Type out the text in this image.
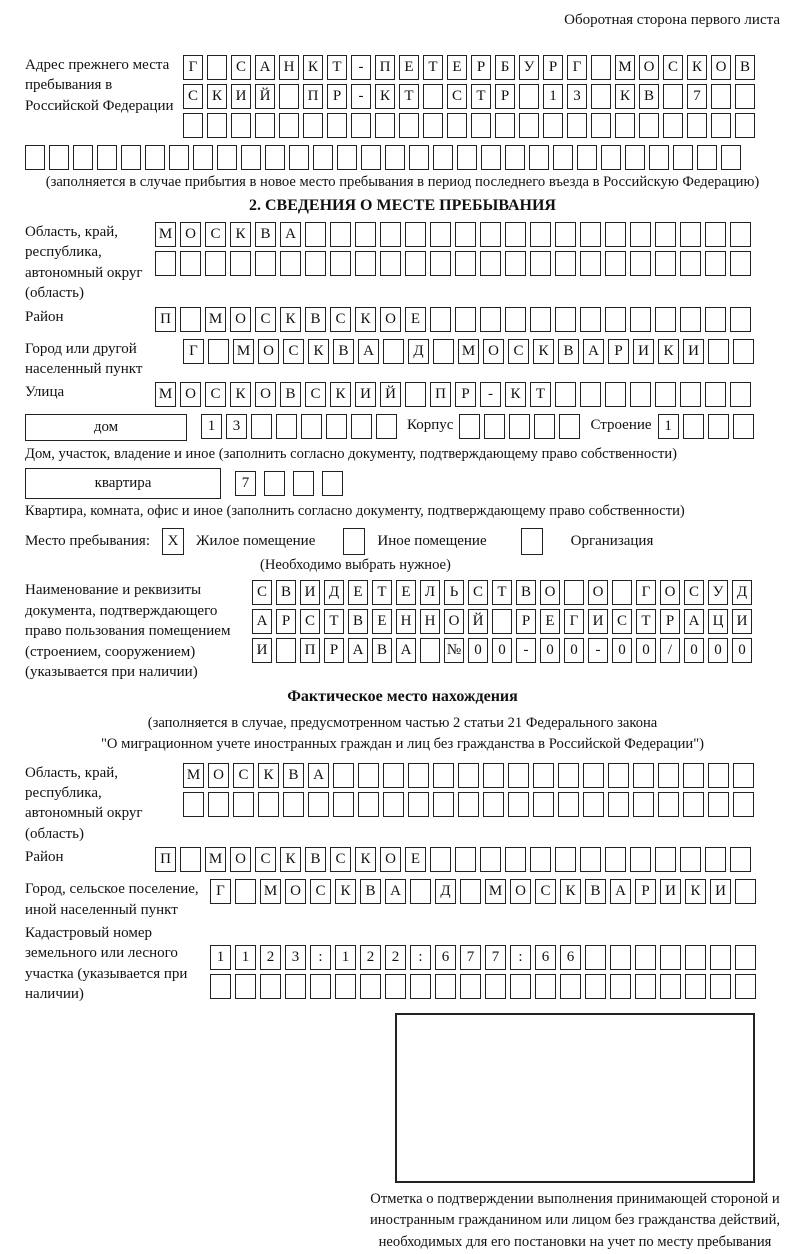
Оборотная сторона первого листа
Адрес прежнего места пребывания в Российской Федерации
Г	С А Н К Т	-	П Е Т Е	Р	Б У Р	Г	М О С К О В
С К И Й	П Р	-	К Т	С Т	Р	1	3	К В	7
(заполняется в случае прибытия в новое место пребывания в период последнего въезда в Российскую Федерацию)
2. СВЕДЕНИЯ О МЕСТЕ ПРЕБЫВАНИЯ
Область, край, республика, автономный округ (область)
М О С К В А
Район	П	М О С К В С К О Е
Город или другой населенный пункт
Г	М О С К В А	Д	М О С К В А	Р	И К И
Улица	М О С К О В С К И Й	П	Р	-	К	Т
дом	1	3	Корпус	Строение 1
Дом, участок, владение и иное (заполнить согласно документу, подтверждающему право собственности)
квартира	7
Квартира, комната, офис и иное (заполнить согласно документу, подтверждающему право собственности)
Место пребывания:	X	Жилое помещение	Иное помещение	Организация
(Необходимо выбрать нужное)
Наименование и реквизиты документа, подтверждающего право пользования помещением (строением, сооружением) (указывается при наличии)
С В И Д Е Т Е Л Ь С Т В О	О	Г О С У Д
А Р С Т В Е Н Н О Й	Р	Е	Г И С Т	Р А Ц И
И	П Р А В А	№ 0	0	-	0	0	-	0	0	/	0	0	0
Фактическое место нахождения
(заполняется в случае, предусмотренном частью 2 статьи 21 Федерального закона
"О миграционном учете иностранных граждан и лиц без гражданства в Российской Федерации")
Область, край, республика, автономный округ (область)
М О С К В А
Район	П	М О С К В С К О Е
Город, сельское поселение, иной населенный пункт
Г	М О С К В А	Д	М О С К В А	Р	И К И
Кадастровый номер земельного или лесного участка (указывается при наличии)
1	1	2	3	:	1	2	2	:	6	7	7	:	6	6
Отметка о подтверждении выполнения принимающей стороной и иностранным гражданином или лицом без гражданства действий, необходимых для его постановки на учет по месту пребывания
